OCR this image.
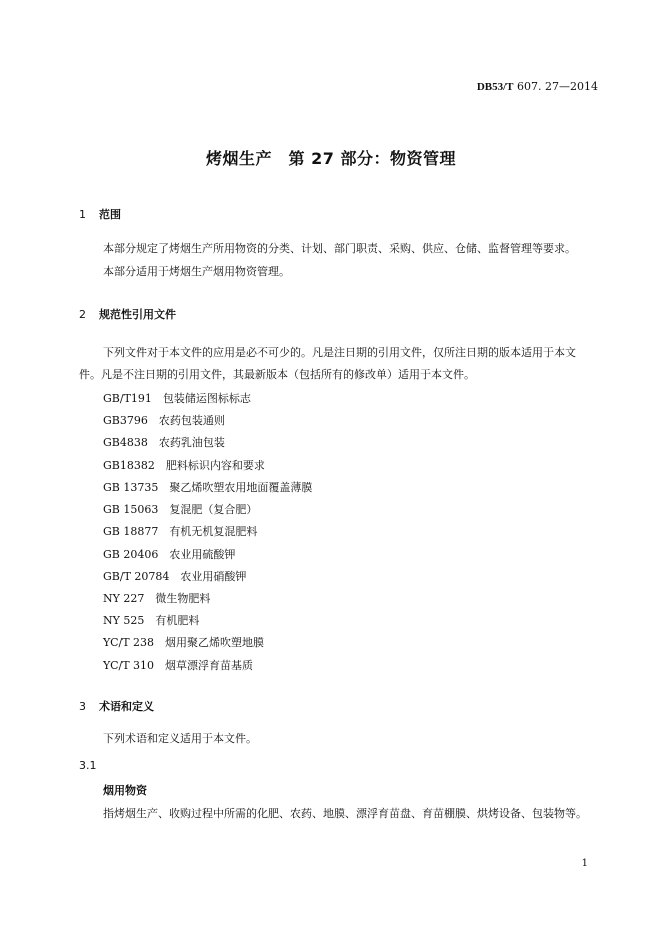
DB53/T 607. 27—2014
烤烟生产　第 27 部分：物资管理
1 范围
本部分规定了烤烟生产所用物资的分类、计划、部门职责、采购、供应、仓储、监督管理等要求。
本部分适用于烤烟生产烟用物资管理。
2 规范性引用文件
下列文件对于本文件的应用是必不可少的。凡是注日期的引用文件，仅所注日期的版本适用于本文
件。凡是不注日期的引用文件，其最新版本（包括所有的修改单）适用于本文件。
GB/T191　包装储运图标标志
GB3796　农药包装通则
GB4838　农药乳油包装
GB18382　肥料标识内容和要求
GB 13735　聚乙烯吹塑农用地面覆盖薄膜
GB 15063　复混肥（复合肥）
GB 18877　有机无机复混肥料
GB 20406　农业用硫酸钾
GB/T 20784　农业用硝酸钾
NY 227　微生物肥料
NY 525　有机肥料
YC/T 238　烟用聚乙烯吹塑地膜
YC/T 310　烟草漂浮育苗基质
3 术语和定义
下列术语和定义适用于本文件。
3.1
烟用物资
指烤烟生产、收购过程中所需的化肥、农药、地膜、漂浮育苗盘、育苗棚膜、烘烤设备、包装物等。
1
